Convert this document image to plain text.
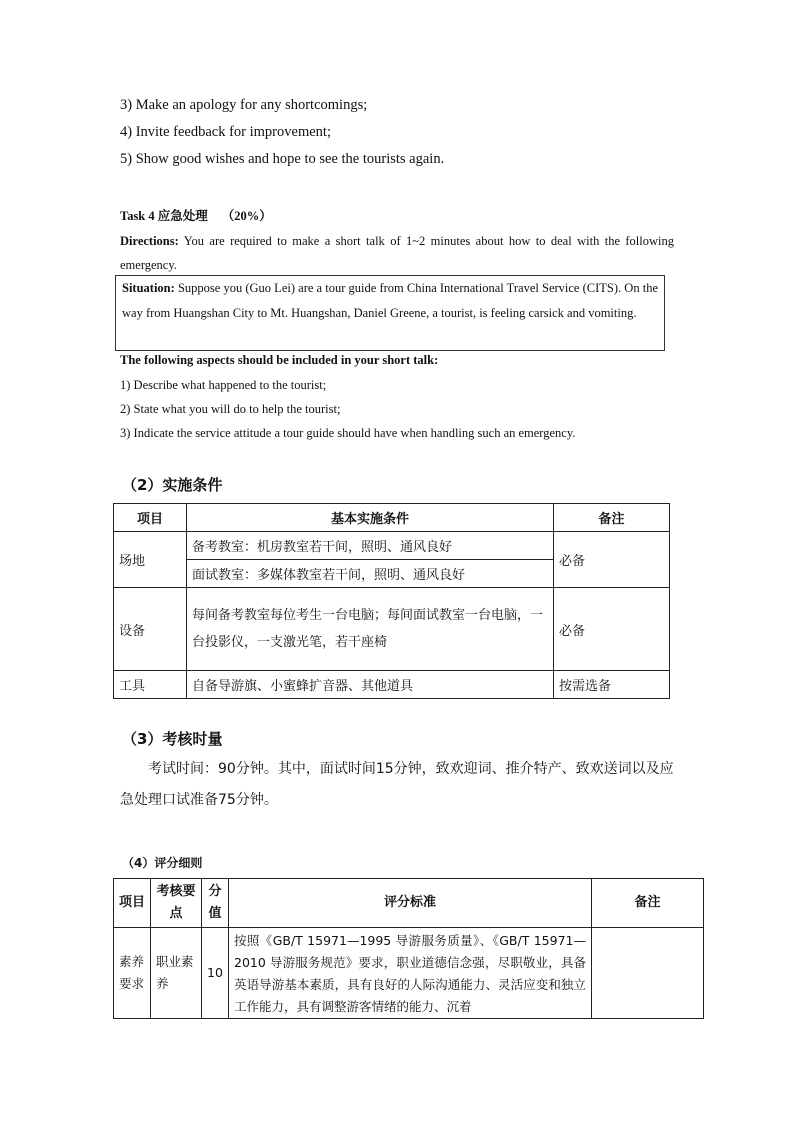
3) Make an apology for any shortcomings;
4) Invite feedback for improvement;
5) Show good wishes and hope to see the tourists again.
Task 4 应急处理 （20%）
Directions: You are required to make a short talk of 1~2 minutes about how to deal with the following emergency.
Situation: Suppose you (Guo Lei) are a tour guide from China International Travel Service (CITS). On the way from Huangshan City to Mt. Huangshan, Daniel Greene, a tourist, is feeling carsick and vomiting.
The following aspects should be included in your short talk:
1) Describe what happened to the tourist;
2) State what you will do to help the tourist;
3) Indicate the service attitude a tour guide should have when handling such an emergency.
（2）实施条件
项目	基本实施条件	备注
场地	备考教室：机房教室若干间，照明、通风良好	必备
	面试教室：多媒体教室若干间，照明、通风良好	
设备	每间备考教室每位考生一台电脑；每间面试教室一台电脑，一台投影仪，一支激光笔，若干座椅	必备
工具	自备导游旗、小蜜蜂扩音器、其他道具	按需选备
（3）考核时量
考试时间：90分钟。其中，面试时间15分钟，致欢迎词、推介特产、致欢送词以及应急处理口试准备75分钟。
（4）评分细则
项目	考核要点	分值	评分标准	备注
素养要求	职业素养	10	按照《GB/T 15971—1995 导游服务质量》、《GB/T 15971—2010 导游服务规范》要求，职业道德信念强，尽职敬业，具备英语导游基本素质，具有良好的人际沟通能力、灵活应变和独立工作能力，具有调整游客情绪的能力、沉着	
